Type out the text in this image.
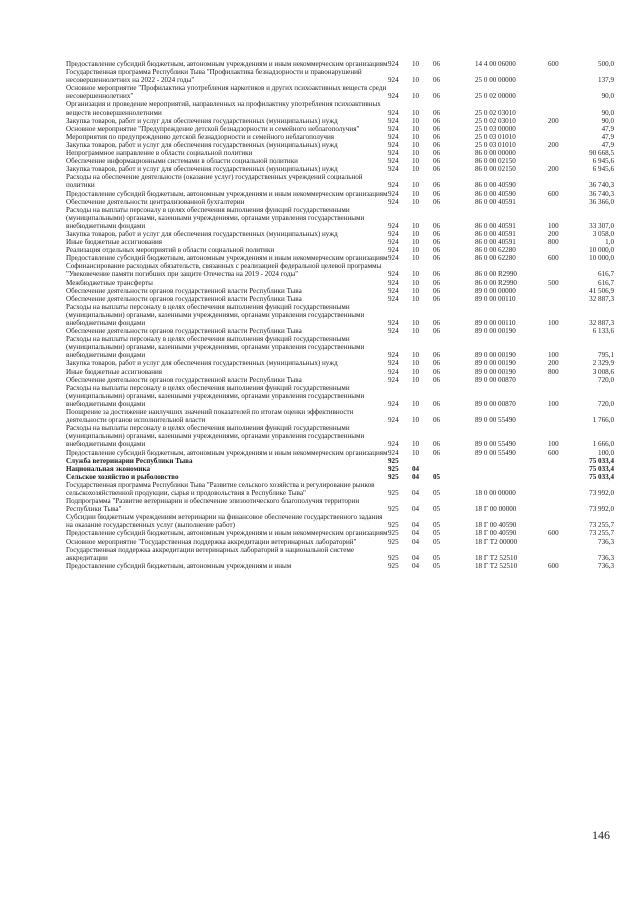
Предоставление субсидий бюджетным, автономным учреждениям и иным некоммерческим организациям	924	10	06	14 4 00 06000	600	500,0
Государственная программа Республики Тыва "Профилактика безнадзорности и правонарушений несовершеннолетних на 2022 - 2024 годы"	924	10	06	25 0 00 00000		137,9
Основное мероприятие "Профилактика употребления наркотиков и других психоактивных веществ среди несовершеннолетних"	924	10	06	25 0 02 00000		90,0
Организация и проведение мероприятий, направленных на профилактику употребления психоактивных веществ несовершеннолетними	924	10	06	25 0 02 03010		90,0
Закупка товаров, работ и услуг для обеспечения государственных (муниципальных) нужд	924	10	06	25 0 02 03010	200	90,0
Основное мероприятие "Предупреждение детской безнадзорности и семейного неблагополучия"	924	10	06	25 0 03 00000		47,9
Мероприятия по предупреждению детской безнадзорности и семейного неблагополучия	924	10	06	25 0 03 01010		47,9
Закупка товаров, работ и услуг для обеспечения государственных (муниципальных) нужд	924	10	06	25 0 03 01010	200	47,9
Непрограммное направление в области социальной политики	924	10	06	86 0 00 00000		90 668,5
Обеспечение информационными системами в области социальной политики	924	10	06	86 0 00 02150		6 945,6
Закупка товаров, работ и услуг для обеспечения государственных (муниципальных) нужд	924	10	06	86 0 00 02150	200	6 945,6
Расходы на обеспечение деятельности (оказание услуг) государственных учреждений социальной политики	924	10	06	86 0 00 40590		36 740,3
Предоставление субсидий бюджетным, автономным учреждениям и иным некоммерческим организациям	924	10	06	86 0 00 40590	600	36 740,3
Обеспечение деятельности централизованной бухгалтерии	924	10	06	86 0 00 40591		36 366,0
Расходы на выплаты персоналу в целях обеспечения выполнения функций государственными (муниципальными) органами, казенными учреждениями, органами управления государственными внебюджетными фондами	924	10	06	86 0 00 40591	100	33 307,0
Закупка товаров, работ и услуг для обеспечения государственных (муниципальных) нужд	924	10	06	86 0 00 40591	200	3 058,0
Иные бюджетные ассигнования	924	10	06	86 0 00 40591	800	1,0
Реализация отдельных мероприятий в области социальной политики	924	10	06	86 0 00 62280		10 000,0
Предоставление субсидий бюджетным, автономным учреждениям и иным некоммерческим организациям	924	10	06	86 0 00 62280	600	10 000,0
Софинансирование расходных обязательств, связанных с реализацией федеральной целевой программы "Увековечение памяти погибших при защите Отечества на 2019 - 2024 годы"	924	10	06	86 0 00 R2990		616,7
Межбюджетные трансферты	924	10	06	86 0 00 R2990	500	616,7
Обеспечение деятельности органов государственной власти Республики Тыва	924	10	06	89 0 00 00000		41 506,9
Обеспечение деятельности органов государственной власти Республики Тыва	924	10	06	89 0 00 00110		32 887,3
Расходы на выплаты персоналу в целях обеспечения выполнения функций государственными (муниципальными) органами, казенными учреждениями, органами управления государственными внебюджетными фондами	924	10	06	89 0 00 00110	100	32 887,3
Обеспечение деятельности органов государственной власти Республики Тыва	924	10	06	89 0 00 00190		6 133,6
Расходы на выплаты персоналу в целях обеспечения выполнения функций государственными (муниципальными) органами, казенными учреждениями, органами управления государственными внебюджетными фондами	924	10	06	89 0 00 00190	100	795,1
Закупка товаров, работ и услуг для обеспечения государственных (муниципальных) нужд	924	10	06	89 0 00 00190	200	2 329,9
Иные бюджетные ассигнования	924	10	06	89 0 00 00190	800	3 008,6
Обеспечение деятельности органов государственной власти Республики Тыва	924	10	06	89 0 00 00870		720,0
Расходы на выплаты персоналу в целях обеспечения выполнения функций государственными (муниципальными) органами, казенными учреждениями, органами управления государственными внебюджетными фондами	924	10	06	89 0 00 00870	100	720,0
Поощрение за достижение наилучших значений показателей по итогам оценки эффективности деятельности органов исполнительной власти	924	10	06	89 0 00 55490		1 766,0
Расходы на выплаты персоналу в целях обеспечения выполнения функций государственными (муниципальными) органами, казенными учреждениями, органами управления государственными внебюджетными фондами	924	10	06	89 0 00 55490	100	1 666,0
Предоставление субсидий бюджетным, автономным учреждениям и иным некоммерческим организациям	924	10	06	89 0 00 55490	600	100,0
Служба ветеринарии Республики Тыва	925					75 033,4
Национальная экономика	925	04				75 033,4
Сельское хозяйство и рыболовство	925	04	05			75 033,4
Государственная программа Республики Тыва "Развитие сельского хозяйства и регулирование рынков сельскохозяйственной продукции, сырья и продовольствия в Республике Тыва"	925	04	05	18 0 00 00000		73 992,0
Подпрограмма "Развитие ветеринарии и обеспечение эпизоотического благополучия территории Республики Тыва"	925	04	05	18 Г 00 00000		73 992,0
Субсидии бюджетным учреждениям ветеринарии на финансовое обеспечение государственного задания на оказание государственных услуг (выполнение работ)	925	04	05	18 Г 00 40590		73 255,7
Предоставление субсидий бюджетным, автономным учреждениям и иным некоммерческим организациям	925	04	05	18 Г 00 40590	600	73 255,7
Основное мероприятие "Государственная поддержка аккредитации ветеринарных лабораторий"	925	04	05	18 Г Т2 00000		736,3
Государственная поддержка аккредитации ветеринарных лабораторий в национальной системе аккредитации	925	04	05	18 Г Т2 52510		736,3
Предоставление субсидий бюджетным, автономным учреждениям и иным	925	04	05	18 Г Т2 52510	600	736,3
146
